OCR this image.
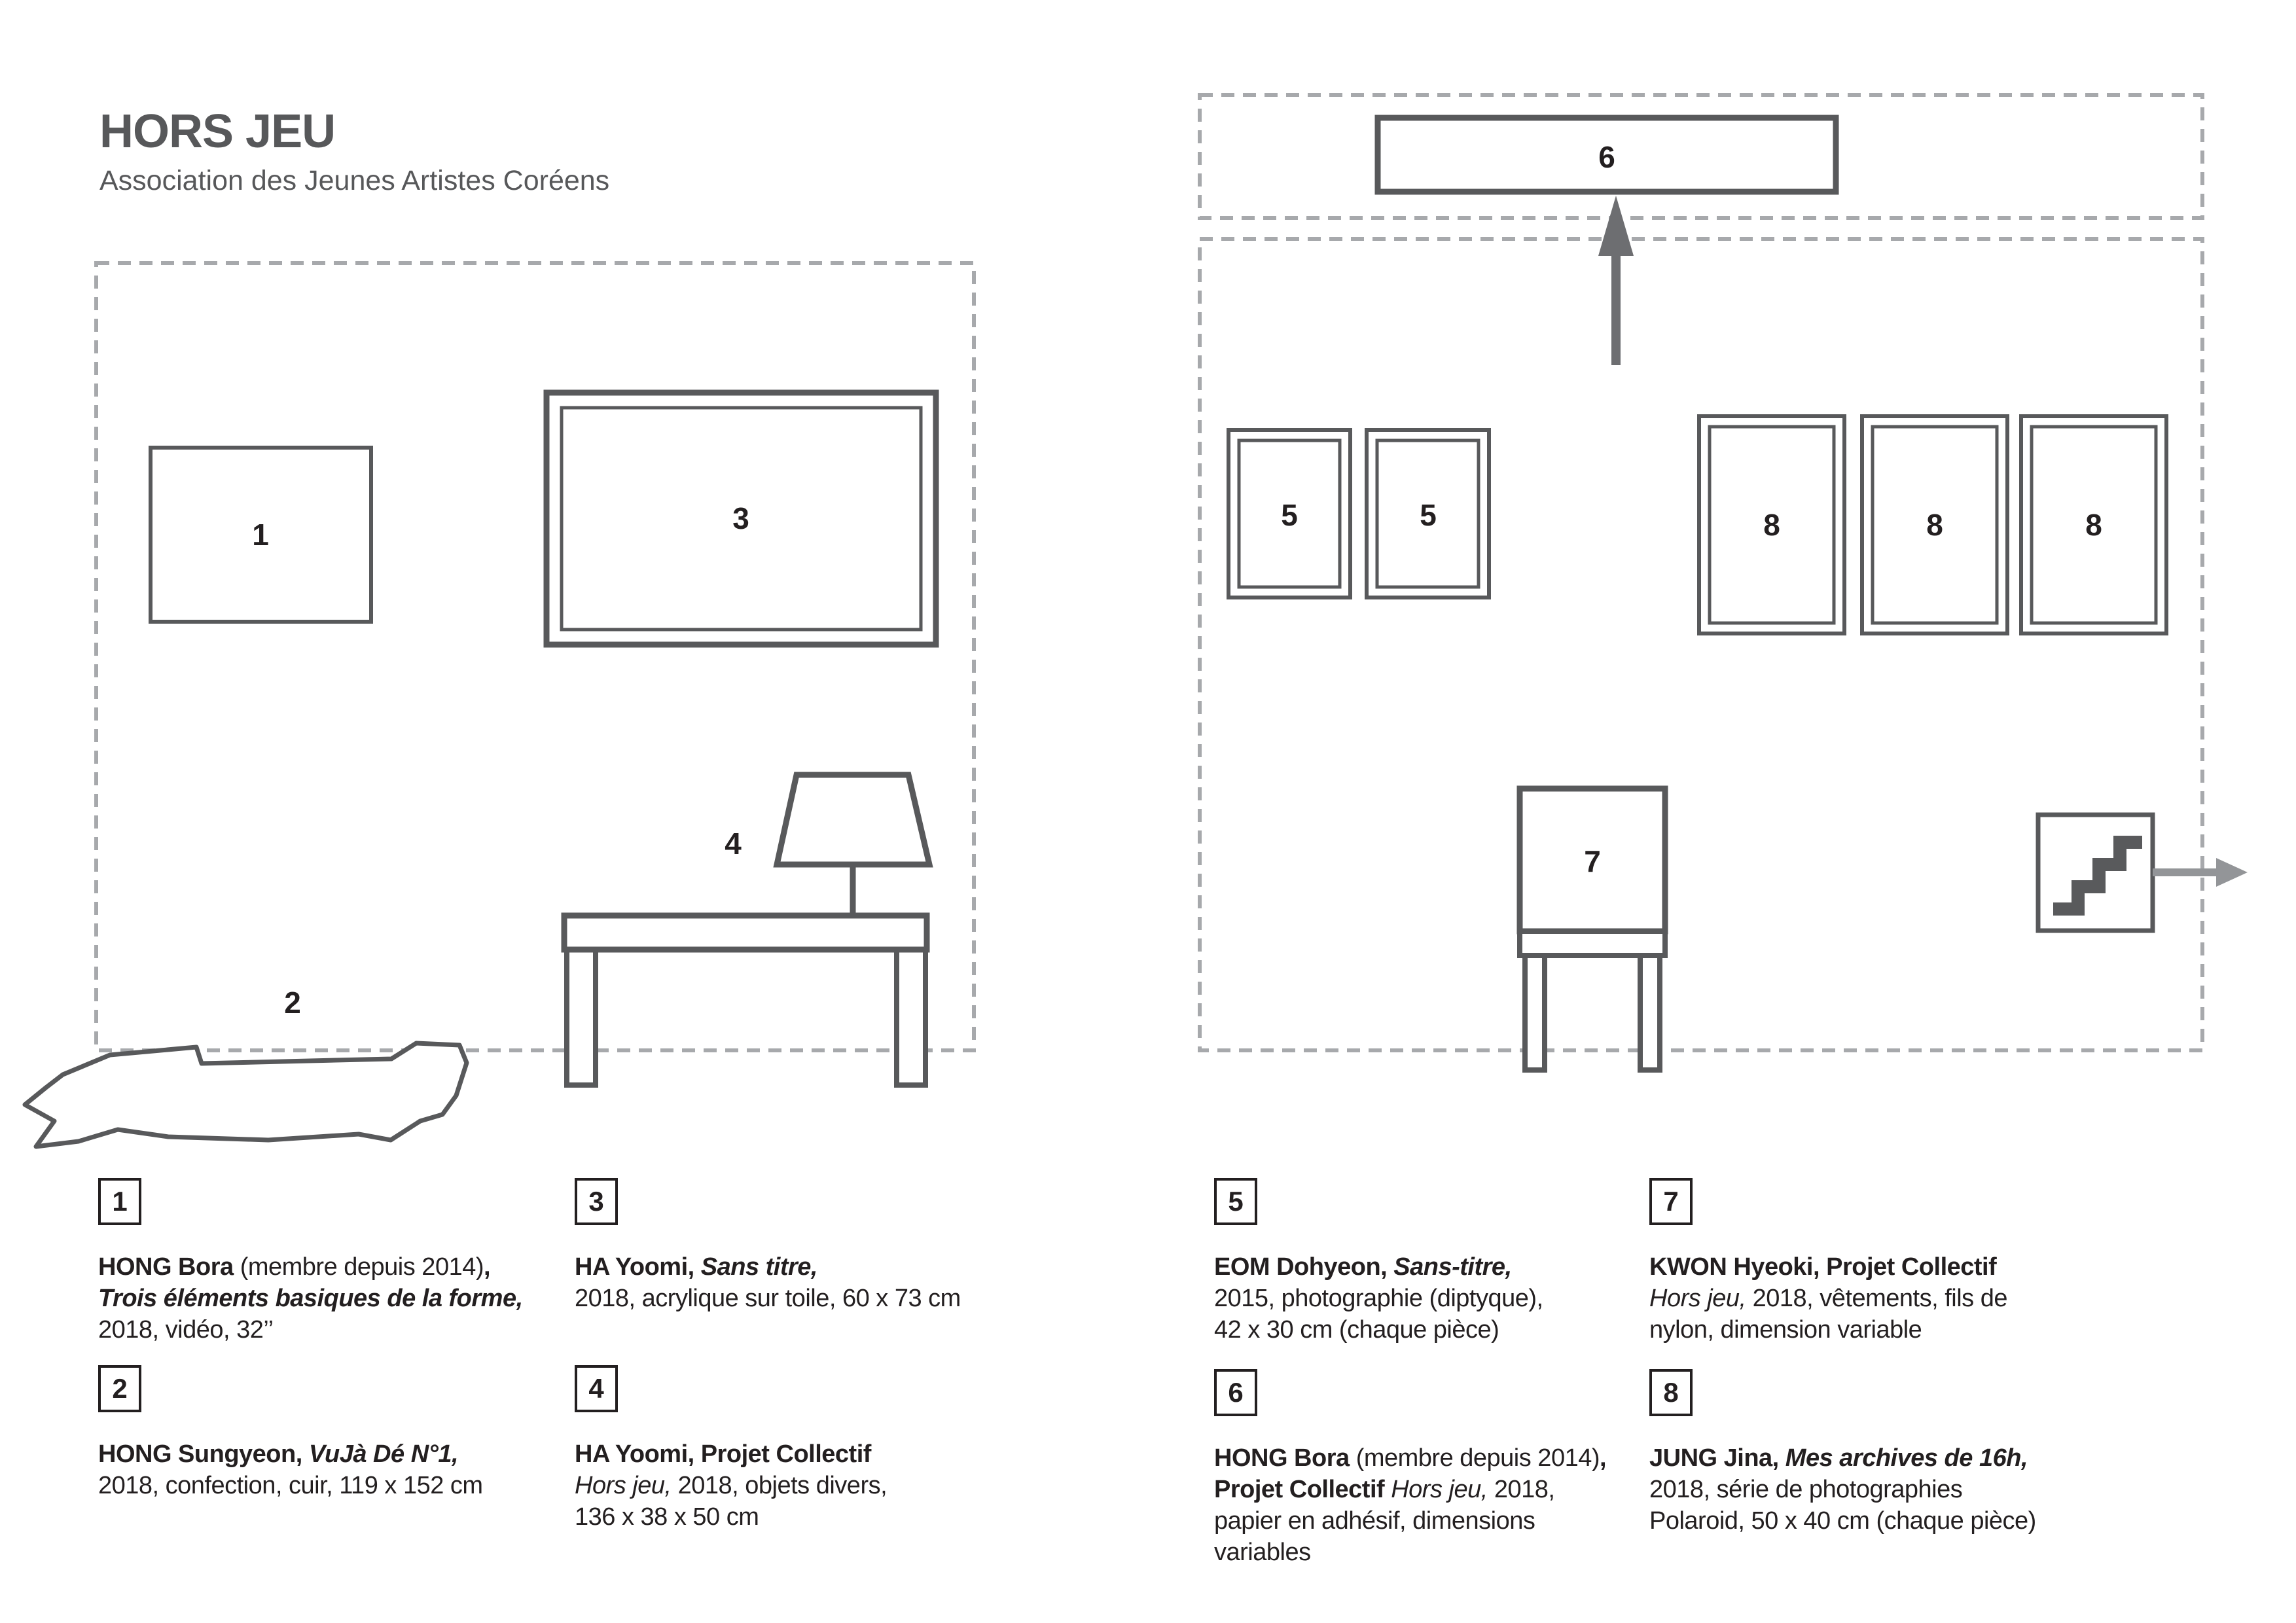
HORS JEU
Association des Jeunes Artistes Coréens
1
2
3
4
5	5
6
7
8	8	8
1
HONG Bora (membre depuis 2014),
Trois éléments basiques de la forme,
2018, vidéo, 32’’
2
HONG Sungyeon, VuJà Dé N°1,
2018, confection, cuir, 119 x 152 cm
3
HA Yoomi, Sans titre,
2018, acrylique sur toile, 60 x 73 cm
4
HA Yoomi, Projet Collectif
Hors jeu, 2018, objets divers,
136 x 38 x 50 cm
5
EOM Dohyeon, Sans-titre,
2015, photographie (diptyque),
42 x 30 cm (chaque pièce)
6
HONG Bora (membre depuis 2014),
Projet Collectif Hors jeu, 2018,
papier en adhésif, dimensions
variables
7
KWON Hyeoki, Projet Collectif
Hors jeu, 2018, vêtements, fils de
nylon, dimension variable
8
JUNG Jina, Mes archives de 16h,
2018, série de photographies
Polaroid, 50 x 40 cm (chaque pièce)
